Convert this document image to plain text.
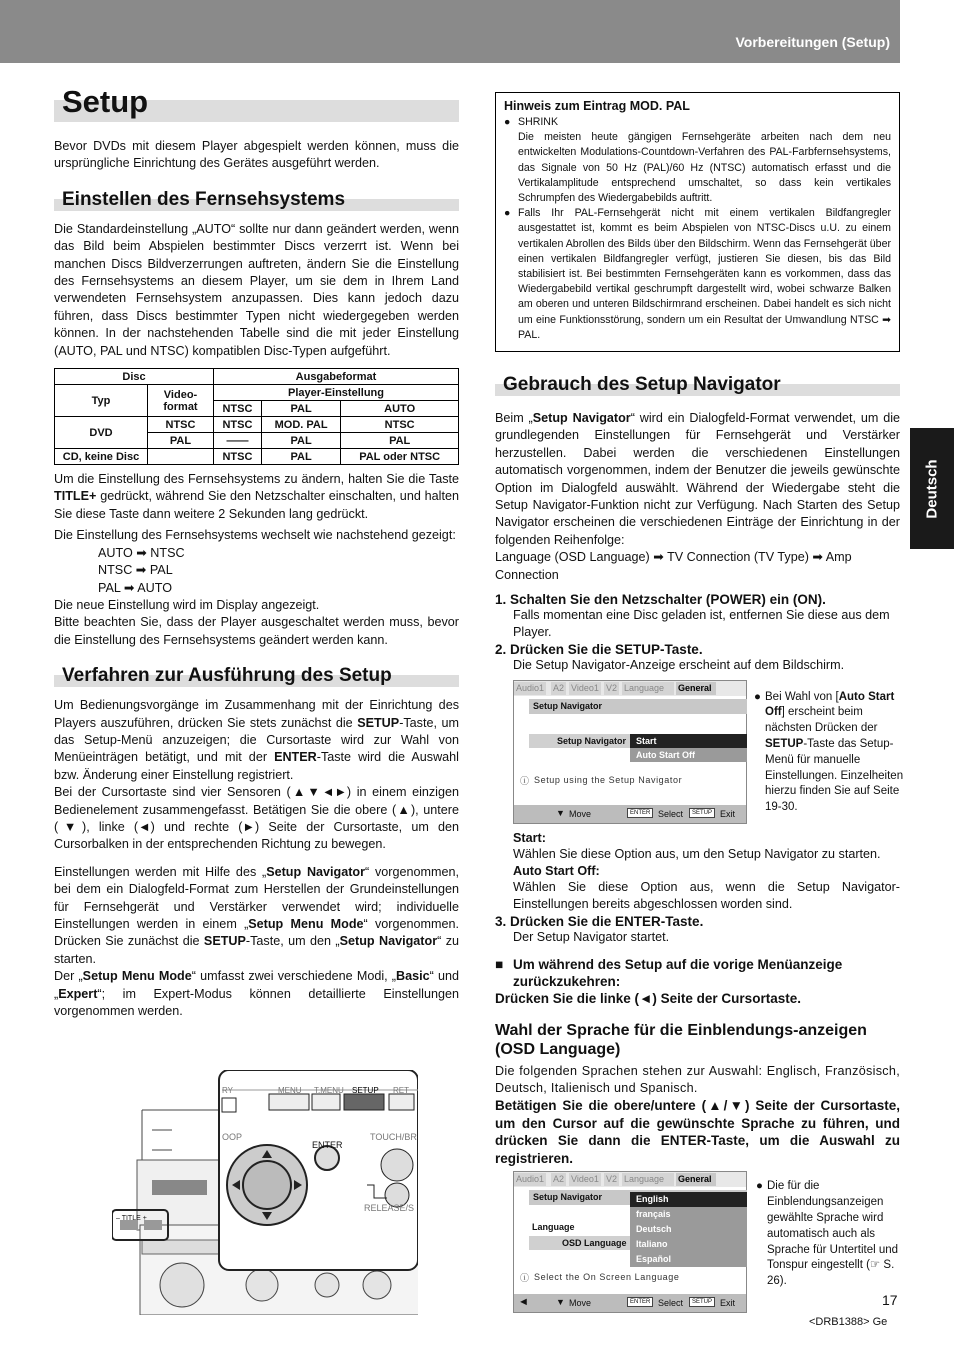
Vorbereitungen (Setup)
Deutsch
Setup

Bevor DVDs mit diesem Player abgespielt werden können, muss die ursprüngliche Einrichtung des Gerätes ausgeführt werden.

Einstellen des Fernsehsystems

Die Standardeinstellung „AUTO“ sollte nur dann geändert werden, wenn das Bild beim Abspielen bestimmter Discs verzerrt ist. Wenn bei manchen Discs Bildverzerrungen auftreten, ändern Sie die Einstellung des Fernsehsystems an diesem Player, um sie dem in Ihrem Land verwendeten Fernsehsystem anzupassen. Dies kann jedoch dazu führen, dass Discs bestimmter Typen nicht wiedergegeben werden können. In der nachstehenden Tabelle sind die mit jeder Einstellung (AUTO, PAL und NTSC) kompatiblen Disc-Typen aufgeführt.

Disc		Ausgabeformat		
Typ	Video-format	Player-Einstellung		
		NTSC	PAL	AUTO
DVD	NTSC	NTSC	MOD. PAL	NTSC
	PAL	——	PAL	PAL
CD, keine Disc		NTSC	PAL	PAL oder NTSC

Um die Einstellung des Fernsehsystems zu ändern, halten Sie die Taste TITLE+ gedrückt, während Sie den Netzschalter einschalten, und halten Sie diese Taste dann weitere 2 Sekunden lang gedrückt.

Die Einstellung des Fernsehsystems wechselt wie nachstehend gezeigt:

AUTO ➡ NTSC
NTSC ➡ PAL
PAL ➡ AUTO

Die neue Einstellung wird im Display angezeigt.

Bitte beachten Sie, dass der Player ausgeschaltet werden muss, bevor die Einstellung des Fernsehsystems geändert werden kann.

Verfahren zur Ausführung des Setup

Um Bedienungsvorgänge im Zusammenhang mit der Einrichtung des Players auszuführen, drücken Sie stets zunächst die SETUP-Taste, um das Setup-Menü anzuzeigen; die Cursortaste wird zur Wahl von Menüeinträgen betätigt, und mit der ENTER-Taste wird die Auswahl bzw. Änderung einer Einstellung registriert.

Bei der Cursortaste sind vier Sensoren (▲▼◄►) in einem einzigen Bedienelement zusammengefasst. Betätigen Sie die obere (▲), untere (▼), linke (◄) und rechte (►) Seite der Cursortaste, um den Cursorbalken in der entsprechenden Richtung zu bewegen.

Einstellungen werden mit Hilfe des „Setup Navigator“ vorgenommen, bei dem ein Dialogfeld-Format zum Herstellen der Grundeinstellungen für Fernsehgerät und Verstärker verwendet wird; individuelle Einstellungen werden in einem „Setup Menu Mode“ vorgenommen. Drücken Sie zunächst die SETUP-Taste, um den „Setup Navigator“ zu starten.

Der „Setup Menu Mode“ umfasst zwei verschiedene Modi, „Basic“ und „Expert“; im Expert-Modus können detaillierte Einstellungen vorgenommen werden.

RY	MENU T.MENU SETUP RET
OOP
ENTER
TOUCH/BR
RELEASE/S
– TITLE +
Hinweis zum Eintrag MOD. PAL
● SHRINK
Die meisten heute gängigen Fernsehgeräte arbeiten nach dem neu entwickelten Modulations-Countdown-Verfahren des PAL-Farbfernsehsystems, das Signale von 50 Hz (PAL)/60 Hz (NTSC) automatisch erfasst und die Vertikalamplitude entsprechend umschaltet, so dass kein vertikales Schrumpfen des Wiedergabebilds auftritt.
● Falls Ihr PAL-Fernsehgerät nicht mit einem vertikalen Bildfangregler ausgestattet ist, kommt es beim Abspielen von NTSC-Discs u.U. zu einem vertikalen Abrollen des Bilds über den Bildschirm. Wenn das Fernsehgerät über einen vertikalen Bildfangregler verfügt, justieren Sie diesen, bis das Bild stabilisiert ist. Bei bestimmten Fernsehgeräten kann es vorkommen, dass das Wiedergabebild vertikal geschrumpft dargestellt wird, wobei schwarze Balken am oberen und unteren Bildschirmrand erscheinen. Dabei handelt es sich nicht um eine Funktionsstörung, sondern um ein Resultat der Umwandlung NTSC ➡ PAL.
Gebrauch des Setup Navigator

Beim „Setup Navigator“ wird ein Dialogfeld-Format verwendet, um die grundlegenden Einstellungen für Fernsehgerät und Verstärker herzustellen. Dabei werden die verschiedenen Einstellungen automatisch vorgenommen, indem der Benutzer die jeweils gewünschte Option im Dialogfeld auswählt. Während der Wiedergabe steht die Setup Navigator-Funktion nicht zur Verfügung. Nach Starten des Setup Navigator erscheinen die verschiedenen Einträge der Einrichtung in der folgenden Reihenfolge:

Language (OSD Language) ➡ TV Connection (TV Type) ➡ Amp Connection

1. Schalten Sie den Netzschalter (POWER) ein (ON).
Falls momentan eine Disc geladen ist, entfernen Sie diese aus dem Player.
2. Drücken Sie die SETUP-Taste.
Die Setup Navigator-Anzeige erscheint auf dem Bildschirm.
Audio1 A2 Video1 V2 Language	General
Setup Navigator
Setup Navigator	Start
Auto Start Off
ⓘ Setup using the Setup Navigator
▼ Move	ENTER Select	SETUP Exit
● Bei Wahl von [Auto Start Off] erscheint beim nächsten Drücken der SETUP-Taste das Setup-Menü für manuelle Einstellungen. Einzelheiten hierzu finden Sie auf Seite 19-30.
Start:
Wählen Sie diese Option aus, um den Setup Navigator zu starten.
Auto Start Off:
Wählen Sie diese Option aus, wenn die Setup Navigator-Einstellungen bereits abgeschlossen worden sind.
3. Drücken Sie die ENTER-Taste.
Der Setup Navigator startet.
■ Um während des Setup auf die vorige Menüanzeige zurückzukehren:
Drücken Sie die linke (◄) Seite der Cursortaste.
Wahl der Sprache für die Einblendungs-anzeigen (OSD Language)

Die folgenden Sprachen stehen zur Auswahl: Englisch, Französisch, Deutsch, Italienisch und Spanisch.

Betätigen Sie die obere/untere (▲/▼) Seite der Cursortaste, um den Cursor auf die gewünschte Sprache zu führen, und drücken Sie dann die ENTER-Taste, um die Auswahl zu registrieren.

Audio1 A2 Video1 V2 Language	General
Setup Navigator
Language
OSD Language
English
français
Deutsch
Italiano
Español
ⓘ Select the On Screen Language
◄	▼ Move	ENTER Select	SETUP Exit
● Die für die Einblendungsanzeigen gewählte Sprache wird automatisch auch als Sprache für Untertitel und Tonspur eingestellt (☞ S. 26).
17
<DRB1388> Ge
